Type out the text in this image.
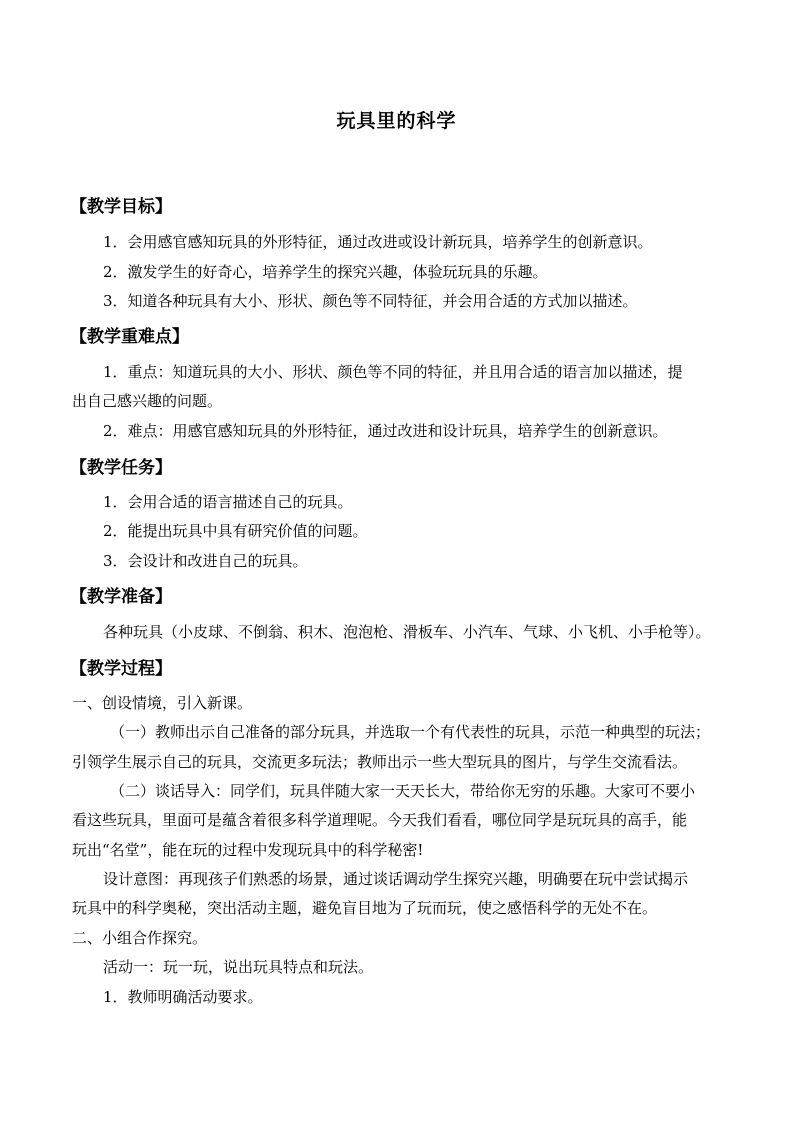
玩具里的科学
【教学目标】
1．会用感官感知玩具的外形特征，通过改进或设计新玩具，培养学生的创新意识。
2．激发学生的好奇心，培养学生的探究兴趣，体验玩玩具的乐趣。
3．知道各种玩具有大小、形状、颜色等不同特征，并会用合适的方式加以描述。
【教学重难点】
1．重点：知道玩具的大小、形状、颜色等不同的特征，并且用合适的语言加以描述，提
出自己感兴趣的问题。
2．难点：用感官感知玩具的外形特征，通过改进和设计玩具，培养学生的创新意识。
【教学任务】
1．会用合适的语言描述自己的玩具。
2．能提出玩具中具有研究价值的问题。
3．会设计和改进自己的玩具。
【教学准备】
各种玩具（小皮球、不倒翁、积木、泡泡枪、滑板车、小汽车、气球、小飞机、小手枪等）。
【教学过程】
一、创设情境，引入新课。
（一）教师出示自己准备的部分玩具，并选取一个有代表性的玩具，示范一种典型的玩法；
引领学生展示自己的玩具，交流更多玩法；教师出示一些大型玩具的图片，与学生交流看法。
（二）谈话导入：同学们，玩具伴随大家一天天长大，带给你无穷的乐趣。大家可不要小
看这些玩具，里面可是蕴含着很多科学道理呢。今天我们看看，哪位同学是玩玩具的高手，能
玩出“名堂”，能在玩的过程中发现玩具中的科学秘密!
设计意图：再现孩子们熟悉的场景，通过谈话调动学生探究兴趣，明确要在玩中尝试揭示
玩具中的科学奥秘，突出活动主题，避免盲目地为了玩而玩，使之感悟科学的无处不在。
二、小组合作探究。
活动一：玩一玩，说出玩具特点和玩法。
1．教师明确活动要求。
